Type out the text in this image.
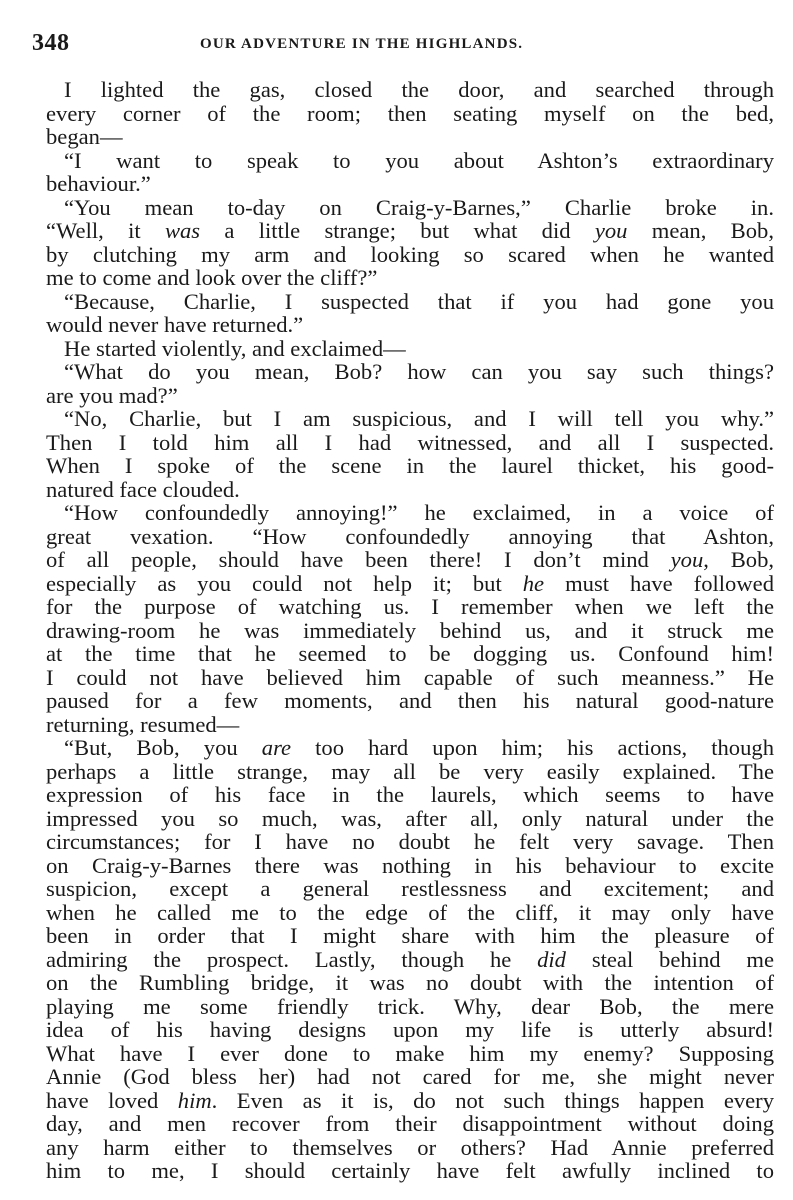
348	OUR ADVENTURE IN THE HIGHLANDS.
I lighted the gas, closed the door, and searched through
every corner of the room; then seating myself on the bed,
began—
“I want to speak to you about Ashton’s extraordinary
behaviour.”
“You mean to-day on Craig-y-Barnes,” Charlie broke in.
“Well, it was a little strange; but what did you mean, Bob,
by clutching my arm and looking so scared when he wanted
me to come and look over the cliff?”
“Because, Charlie, I suspected that if you had gone you
would never have returned.”
He started violently, and exclaimed—
“What do you mean, Bob? how can you say such things?
are you mad?”
“No, Charlie, but I am suspicious, and I will tell you why.”
Then I told him all I had witnessed, and all I suspected.
When I spoke of the scene in the laurel thicket, his good-
natured face clouded.
“How confoundedly annoying!” he exclaimed, in a voice of
great vexation. “How confoundedly annoying that Ashton,
of all people, should have been there! I don’t mind you, Bob,
especially as you could not help it; but he must have followed
for the purpose of watching us. I remember when we left the
drawing-room he was immediately behind us, and it struck me
at the time that he seemed to be dogging us. Confound him!
I could not have believed him capable of such meanness.” He
paused for a few moments, and then his natural good-nature
returning, resumed—
“But, Bob, you are too hard upon him; his actions, though
perhaps a little strange, may all be very easily explained. The
expression of his face in the laurels, which seems to have
impressed you so much, was, after all, only natural under the
circumstances; for I have no doubt he felt very savage. Then
on Craig-y-Barnes there was nothing in his behaviour to excite
suspicion, except a general restlessness and excitement; and
when he called me to the edge of the cliff, it may only have
been in order that I might share with him the pleasure of
admiring the prospect. Lastly, though he did steal behind me
on the Rumbling bridge, it was no doubt with the intention of
playing me some friendly trick. Why, dear Bob, the mere
idea of his having designs upon my life is utterly absurd!
What have I ever done to make him my enemy? Supposing
Annie (God bless her) had not cared for me, she might never
have loved him. Even as it is, do not such things happen every
day, and men recover from their disappointment without doing
any harm either to themselves or others? Had Annie preferred
him to me, I should certainly have felt awfully inclined to
